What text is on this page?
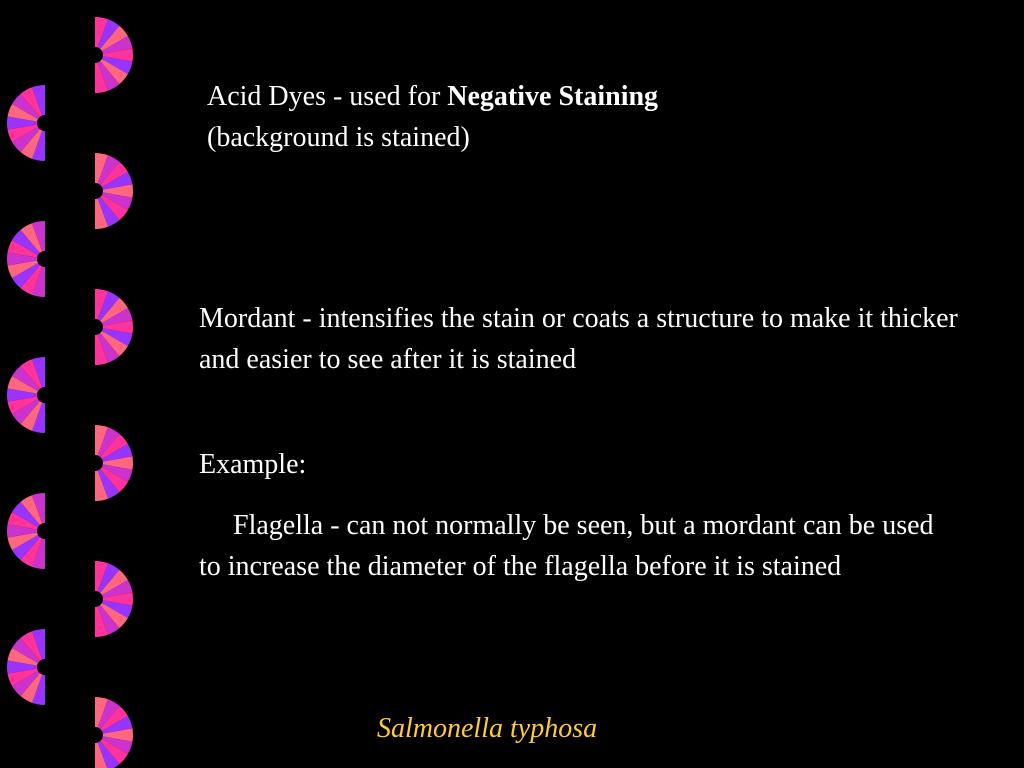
Acid Dyes - used for Negative Staining
(background is stained)

Mordant - intensifies the stain or coats a structure to make it thicker and easier to see after it is stained

Example:

Flagella - can not normally be seen, but a mordant can be used to increase the diameter of the flagella before it is stained

Salmonella typhosa
